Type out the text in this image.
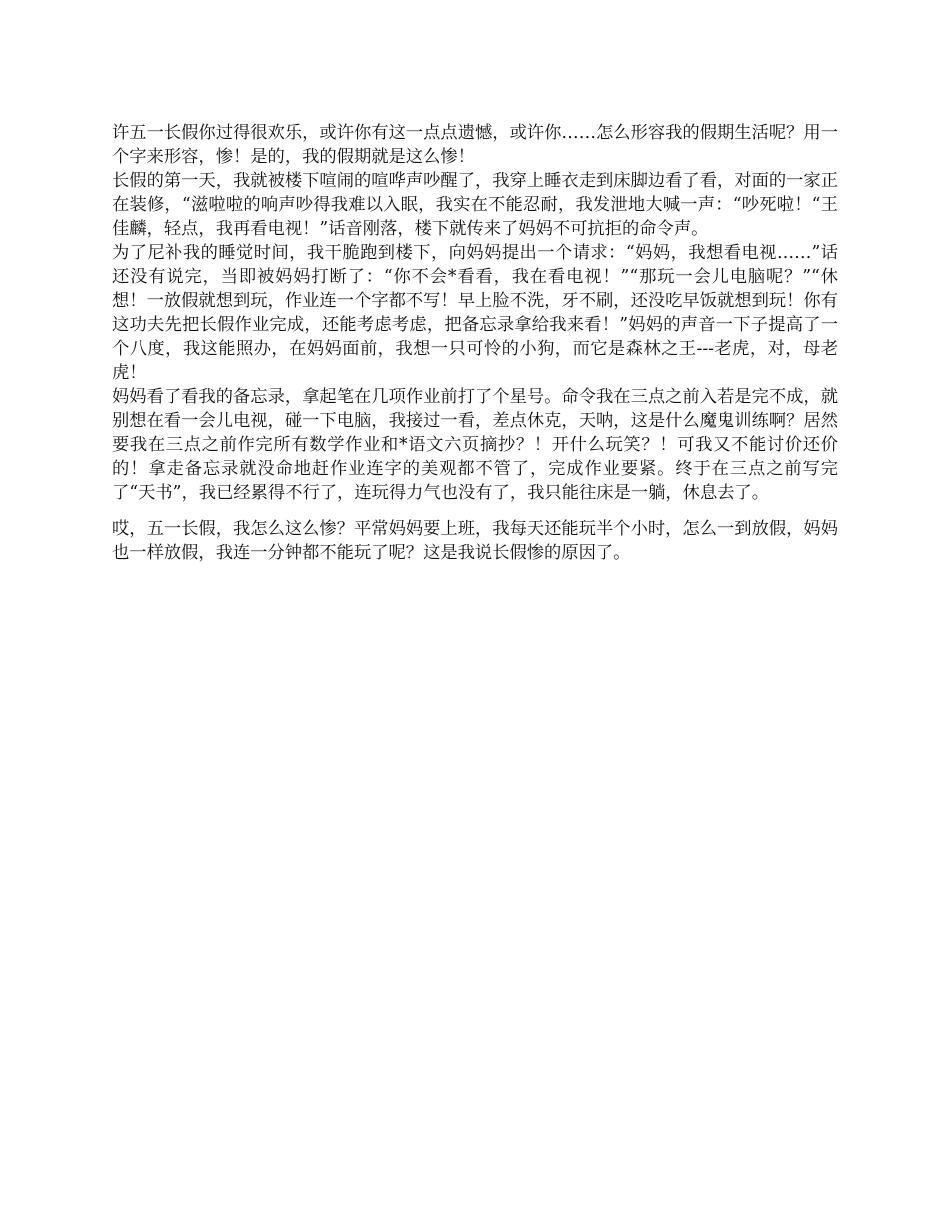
许五一长假你过得很欢乐，或许你有这一点点遗憾，或许你……怎么形容我的假期生活呢？用一个字来形容，惨！是的，我的假期就是这么惨！

长假的第一天，我就被楼下喧闹的喧哗声吵醒了，我穿上睡衣走到床脚边看了看，对面的一家正在装修，“滋啦啦的响声吵得我难以入眠，我实在不能忍耐，我发泄地大喊一声：“吵死啦！“王佳麟，轻点，我再看电视！”话音刚落，楼下就传来了妈妈不可抗拒的命令声。

为了尼补我的睡觉时间，我干脆跑到楼下，向妈妈提出一个请求：“妈妈，我想看电视……”话还没有说完，当即被妈妈打断了：“你不会*看看，我在看电视！”“那玩一会儿电脑呢？”“休想！一放假就想到玩，作业连一个字都不写！早上脸不洗，牙不刷，还没吃早饭就想到玩！你有这功夫先把长假作业完成，还能考虑考虑，把备忘录拿给我来看！”妈妈的声音一下子提高了一个八度，我这能照办，在妈妈面前，我想一只可怜的小狗，而它是森林之王---老虎，对，母老虎！

妈妈看了看我的备忘录，拿起笔在几项作业前打了个星号。命令我在三点之前入若是完不成，就别想在看一会儿电视，碰一下电脑，我接过一看，差点休克，天呐，这是什么魔鬼训练啊？居然要我在三点之前作完所有数学作业和*语文六页摘抄？！开什么玩笑？！可我又不能讨价还价的！拿走备忘录就没命地赶作业连字的美观都不管了，完成作业要紧。终于在三点之前写完了“天书”，我已经累得不行了，连玩得力气也没有了，我只能往床是一躺，休息去了。

哎，五一长假，我怎么这么惨？平常妈妈要上班，我每天还能玩半个小时，怎么一到放假，妈妈也一样放假，我连一分钟都不能玩了呢？这是我说长假惨的原因了。
